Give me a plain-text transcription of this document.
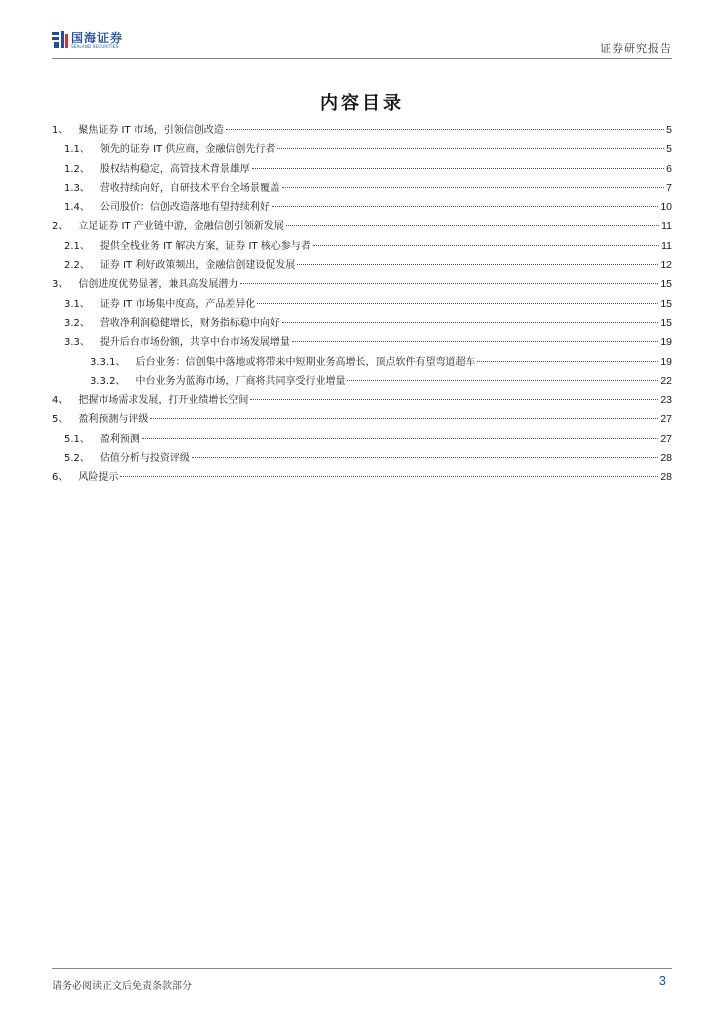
国海证券
SEALAND SECURITIES	证券研究报告
内容目录
1、 聚焦证券 IT 市场，引领信创改造	5
1.1、 领先的证券 IT 供应商，金融信创先行者	5
1.2、 股权结构稳定，高管技术背景雄厚	6
1.3、 营收持续向好，自研技术平台全场景覆盖	7
1.4、 公司股价：信创改造落地有望持续利好	10
2、 立足证券 IT 产业链中游，金融信创引领新发展	11
2.1、 提供全栈业务 IT 解决方案，证券 IT 核心参与者	11
2.2、 证券 IT 利好政策频出，金融信创建设促发展	12
3、 信创进度优势显著，兼具高发展潜力	15
3.1、 证券 IT 市场集中度高，产品差异化	15
3.2、 营收净利润稳健增长，财务指标稳中向好	15
3.3、 提升后台市场份额，共享中台市场发展增量	19
3.3.1、 后台业务：信创集中落地或将带来中短期业务高增长，顶点软件有望弯道超车	19
3.3.2、 中台业务为蓝海市场，厂商将共同享受行业增量	22
4、 把握市场需求发展，打开业绩增长空间	23
5、 盈利预测与评级	27
5.1、 盈利预测	27
5.2、 估值分析与投资评级	28
6、 风险提示	28
请务必阅读正文后免责条款部分	3
